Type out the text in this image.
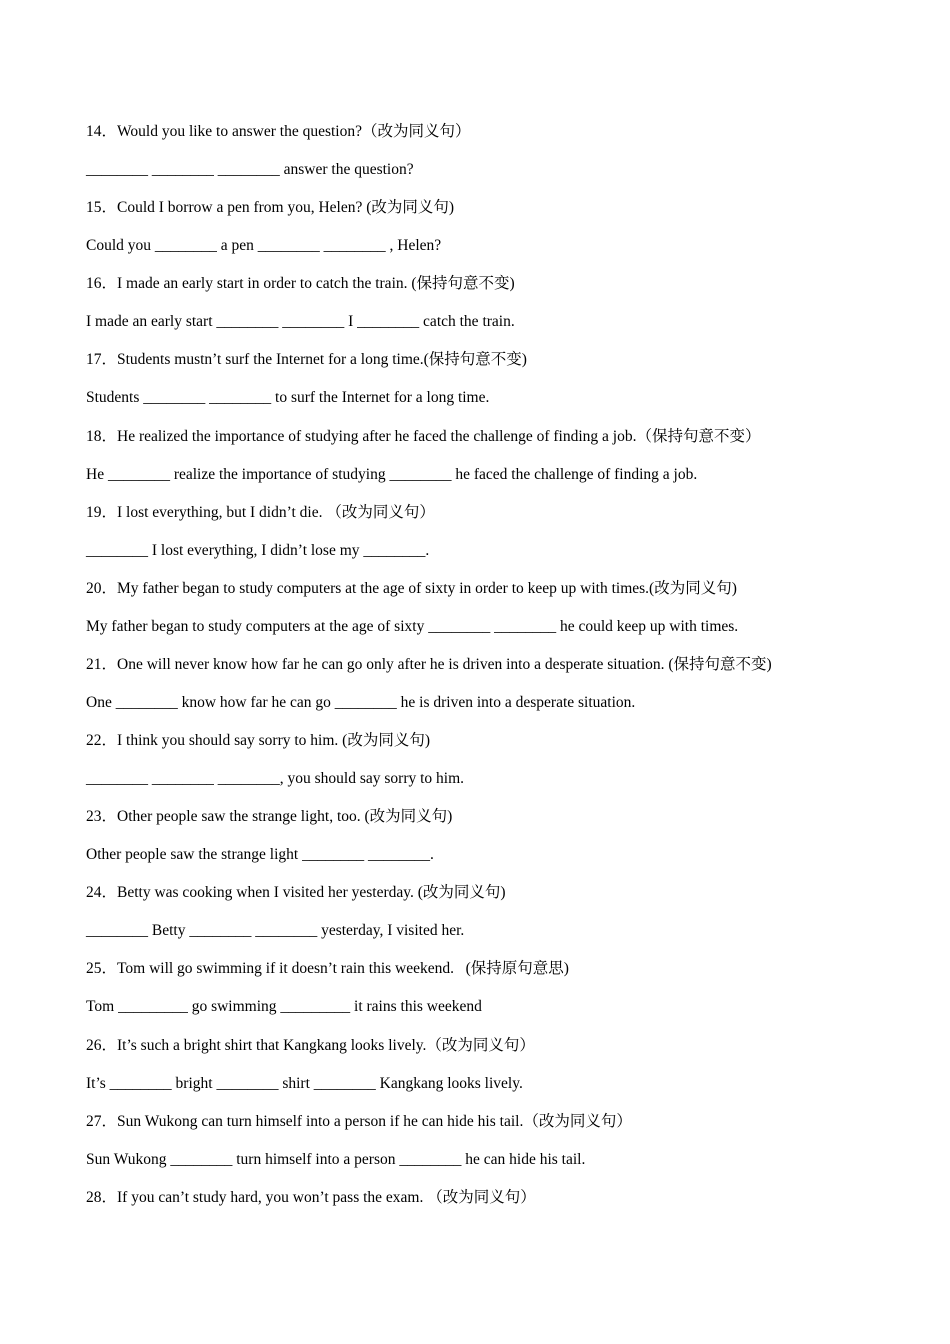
14．Would you like to answer the question?（改为同义句）
________ ________ ________ answer the question?
15．Could I borrow a pen from you, Helen? (改为同义句)
Could you ________ a pen ________ ________ , Helen?
16．I made an early start in order to catch the train. (保持句意不变)
I made an early start ________ ________ I ________ catch the train.
17．Students mustn’t surf the Internet for a long time.(保持句意不变)
Students ________ ________ to surf the Internet for a long time.
18．He realized the importance of studying after he faced the challenge of finding a job.（保持句意不变）
He ________ realize the importance of studying ________ he faced the challenge of finding a job.
19．I lost everything, but I didn’t die. （改为同义句）
________ I lost everything, I didn’t lose my ________.
20．My father began to study computers at the age of sixty in order to keep up with times.(改为同义句)
My father began to study computers at the age of sixty ________ ________ he could keep up with times.
21．One will never know how far he can go only after he is driven into a desperate situation. (保持句意不变)
One ________ know how far he can go ________ he is driven into a desperate situation.
22．I think you should say sorry to him. (改为同义句)
________ ________ ________, you should say sorry to him.
23．Other people saw the strange light, too. (改为同义句)
Other people saw the strange light ________ ________.
24．Betty was cooking when I visited her yesterday. (改为同义句)
________ Betty ________ ________ yesterday, I visited her.
25．Tom will go swimming if it doesn’t rain this weekend.   (保持原句意思)
Tom _________ go swimming _________ it rains this weekend
26．It’s such a bright shirt that Kangkang looks lively.（改为同义句）
It’s ________ bright ________ shirt ________ Kangkang looks lively.
27．Sun Wukong can turn himself into a person if he can hide his tail.（改为同义句）
Sun Wukong ________ turn himself into a person ________ he can hide his tail.
28．If you can’t study hard, you won’t pass the exam. （改为同义句）
